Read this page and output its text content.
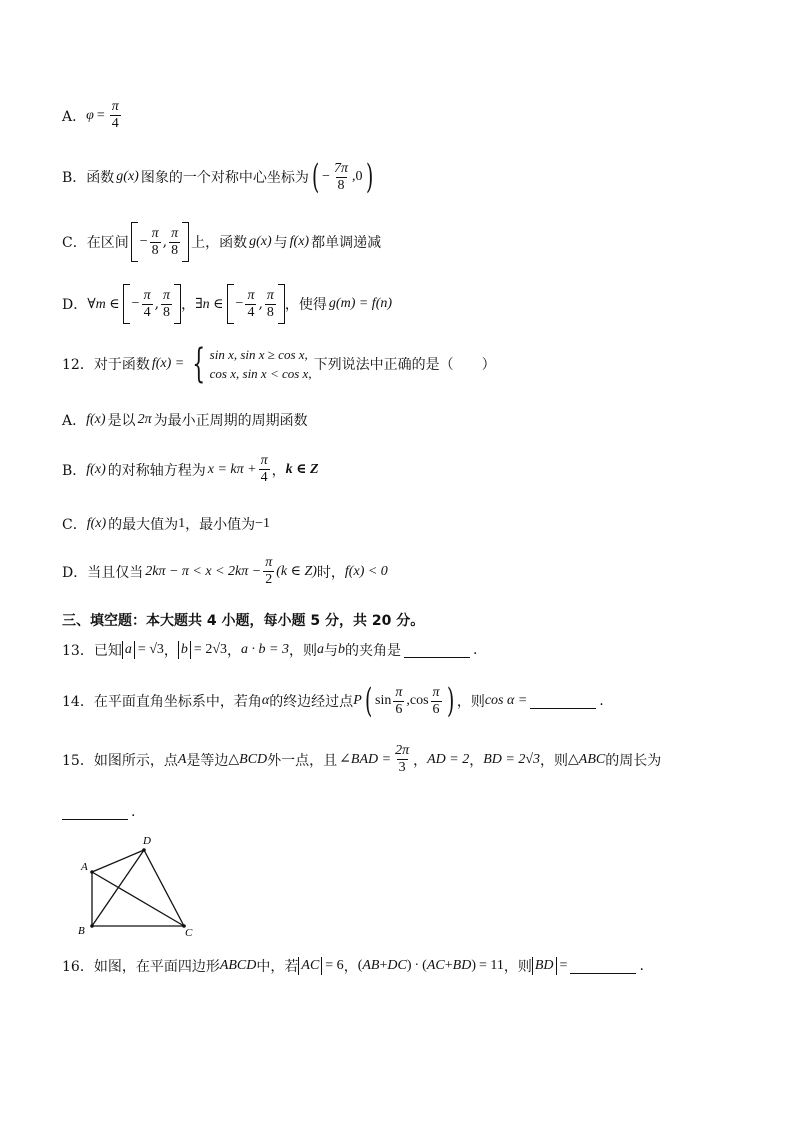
A． $\varphi = \frac{\pi}{4}$
B． 函数 g(x) 图象的一个对称中心坐标为 ( − $\frac{7\pi}{8} ,0$ )
C． 在区间 − $\frac{\pi}{8}$ , $\frac{\pi}{8}$ 上，函数 g(x) 与 f(x) 都单调递减
D． ∀m ∈ − $\frac{\pi}{4}$ , $\frac{\pi}{8}$ ， ∃n ∈ − $\frac{\pi}{4}$ , $\frac{\pi}{8}$ ，使得 g(m) = f(n)
12．对于函数 f(x) = { sin x, sin x ≥ cos x,
cos x, sin x < cos x,
下列说法中正确的是（　　）
A． f(x) 是以 2π 为最小正周期的周期函数
B． f(x) 的对称轴方程为 $x = k\pi + \frac{\pi}{4}$ ， k ∈ Z
C． f(x) 的最大值为 1 ，最小值为 −1
D．当且仅当 $2k\pi - \pi < x < 2k\pi - \frac{\pi}{2} (k$ ∈ Z) 时， f(x) < 0
三、填空题：本大题共 4 小题，每小题 5 分，共 20 分。
13．已知 a = √3 ， b = 2√3 ， a · b = 3 ，则 a 与 b 的夹角是	.
14．在平面直角坐标系中，若角 α 的终边经过点 P ( $\sin \frac{\pi}{6} ,\cos \frac{\pi}{6}$ ) ，则 cos α =	.
15．如图所示，点 A 是等边 △BCD 外一点，且 ∠BAD = $\frac{2\pi}{3}$ ， AD = 2 ， BD = 2√3 ，则 △ABC 的周长为
.
A
D
B	C
16．如图，在平面四边形 ABCD 中，若 AC = 6 ， ( AB + DC ) · ( AC + BD ) = 11 ，则 BD =	.
